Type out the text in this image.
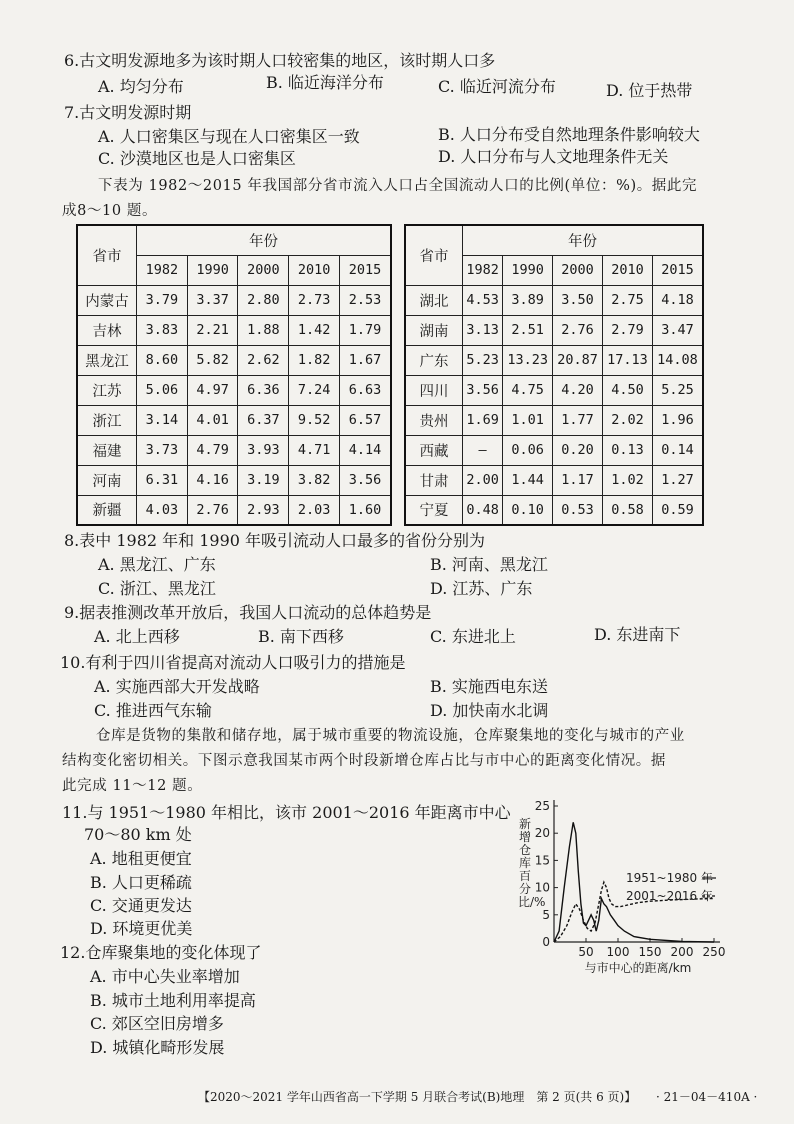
6.古文明发源地多为该时期人口较密集的地区，该时期人口多
A. 均匀分布	B. 临近海洋分布	C. 临近河流分布	D. 位于热带
7.古文明发源时期
A. 人口密集区与现在人口密集区一致	B. 人口分布受自然地理条件影响较大
C. 沙漠地区也是人口密集区	D. 人口分布与人文地理条件无关
下表为 1982～2015 年我国部分省市流入人口占全国流动人口的比例(单位：%)。据此完
成8～10 题。
省市	年份				
	1982	1990	2000	2010	2015
内蒙古	3.79	3.37	2.80	2.73	2.53
吉林	3.83	2.21	1.88	1.42	1.79
黑龙江	8.60	5.82	2.62	1.82	1.67
江苏	5.06	4.97	6.36	7.24	6.63
浙江	3.14	4.01	6.37	9.52	6.57
福建	3.73	4.79	3.93	4.71	4.14
河南	6.31	4.16	3.19	3.82	3.56
新疆	4.03	2.76	2.93	2.03	1.60
省市	年份				
	1982	1990	2000	2010	2015
湖北	4.53	3.89	3.50	2.75	4.18
湖南	3.13	2.51	2.76	2.79	3.47
广东	5.23	13.23	20.87	17.13	14.08
四川	3.56	4.75	4.20	4.50	5.25
贵州	1.69	1.01	1.77	2.02	1.96
西藏	—	0.06	0.20	0.13	0.14
甘肃	2.00	1.44	1.17	1.02	1.27
宁夏	0.48	0.10	0.53	0.58	0.59
8.表中 1982 年和 1990 年吸引流动人口最多的省份分别为
A. 黑龙江、广东	B. 河南、黑龙江
C. 浙江、黑龙江	D. 江苏、广东
9.据表推测改革开放后，我国人口流动的总体趋势是
A. 北上西移	B. 南下西移	C. 东进北上	D. 东进南下
10.有利于四川省提高对流动人口吸引力的措施是
A. 实施西部大开发战略	B. 实施西电东送
C. 推进西气东输	D. 加快南水北调
仓库是货物的集散和储存地，属于城市重要的物流设施，仓库聚集地的变化与城市的产业
结构变化密切相关。下图示意我国某市两个时段新增仓库占比与市中心的距离变化情况。据
此完成 11～12 题。
11.与 1951～1980 年相比，该市 2001～2016 年距离市中心
70～80 km 处
A. 地租更便宜
B. 人口更稀疏
C. 交通更发达
D. 环境更优美
12.仓库聚集地的变化体现了
A. 市中心失业率增加
B. 城市土地利用率提高
C. 郊区空旧房增多
D. 城镇化畸形发展
新增仓库百分比/%
0
5
10
15
20
25
50 100 150 200 250
与市中心的距离/km
1951~1980 年
2001~2016 年
【2020～2021 学年山西省高一下学期 5 月联合考试(B)地理　第 2 页(共 6 页)】 · 21－04－410A ·
